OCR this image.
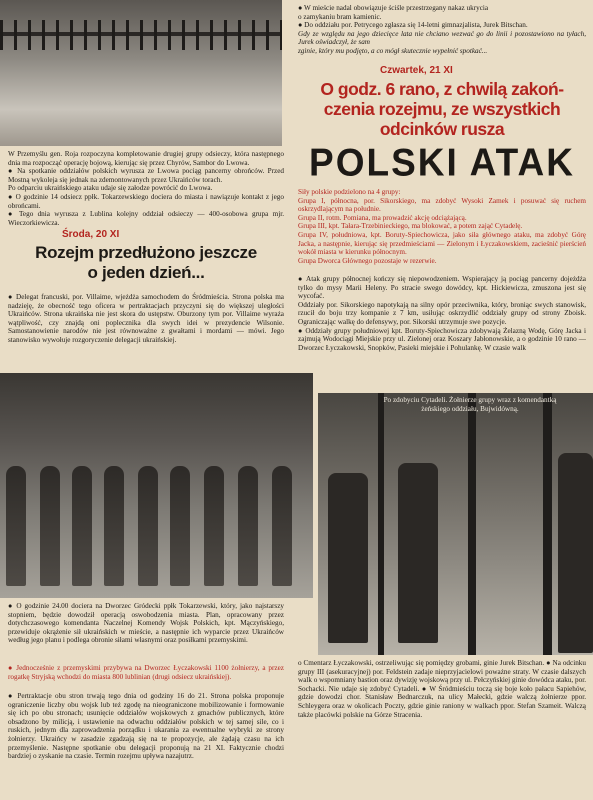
● W mieście nadal obowiązuje ściśle przestrzegany nakaz ukrycia

o zamykaniu bram kamienic.

● Do oddziału por. Petrycego zgłasza się 14-letni gimnazjalista, Jurek Bitschan.

Gdy ze względu na jego dziecięce lata nie chciano wezwać go do linii i pozostawiono na tyłach, Jurek oświadczył, że sam

zginie, który mu podjęto, a co mógł skutecznie wypełnić spotkać...

Czwartek, 21 XI
O godz. 6 rano, z chwilą zakoń-
czenia rozejmu, ze wszystkich
odcinków rusza
POLSKI ATAK

Siły polskie podzielono na 4 grupy:

Grupa I, północna, por. Sikorskiego, ma zdobyć Wysoki Zamek i posuwać się ruchem oskrzydlającym na południe.

Grupa II, rotm. Pomiana, ma prowadzić akcję odciążającą.

Grupa III, kpt. Tałara-Trzebinieckiego, ma blokować, a potem zająć Cytadelę.

Grupa IV, południowa, kpt. Boruty-Spiechowicza, jako siła głównego ataku, ma zdobyć Górę Jacka, a następnie, kierując się przedmieściami — Zielonym i Łyczakowskiem, zacieśnić pierścień wokół miasta w kierunku północnym.

Grupa Dworca Głównego pozostaje w rezerwie.

● Atak grupy północnej kończy się niepowodzeniem. Wspierający ją pociąg pancerny dojeżdża tylko do mysy Marii Heleny. Po stracie swego dowódcy, kpt. Hickiewicza, zmuszona jest się wycofać.

Oddziały por. Sikorskiego napotykają na silny opór przeciwnika, który, broniąc swych stanowisk, rzucił do boju trzy kompanie z 7 km, usiłując oskrzydlić oddziały grupy od strony Zboisk. Ograniczając walkę do defensywy, por. Sikorski utrzymuje swe pozycje.

● Oddziały grupy południowej kpt. Boruty-Spiechowicza zdobywają Żelazną Wodę, Górę Jacka i zajmują Wodociągi Miejskie przy ul. Zielonej oraz Koszary Jabłonowskie, a o godzinie 10 rano — Dworzec Łyczakowski, Snopków, Pasieki miejskie i Pohulankę. W czasie walk

W Przemyślu gen. Roja rozpoczyna kompletowanie drugiej grupy odsieczy, która następnego dnia ma rozpocząć operację bojową, kierując się przez Chyrów, Sambor do Lwowa.

● Na spotkanie oddziałów polskich wyrusza ze Lwowa pociąg pancerny obrońców. Przed Mostną wykoleja się jednak na zdemontowanych przez Ukraińców torach.

Po odparciu ukraińskiego ataku udaje się załodze powrócić do Lwowa.

● O godzinie 14 odsiecz ppłk. Tokarzewskiego dociera do miasta i nawiązuje kontakt z jego obrońcami.

● Tego dnia wyrusza z Lublina kolejny oddział odsieczy — 400-osobowa grupa mjr. Wieczorkiewicza.

Środa, 20 XI
Rozejm przedłużono jeszcze
o jeden dzień...

● Delegat francuski, por. Villaime, wjeżdża samochodem do Śródmieścia. Strona polska ma nadzieję, że obecność tego oficera w pertraktacjach przyczyni się do większej uległości Ukraińców. Strona ukraińska nie jest skora do ustępstw. Oburzony tym por. Villaime wyraża wątpliwość, czy znajdą oni poplecznika dla swych idei w prezydencie Wilsonie. Samostanowienie narodów nie jest równoważne z gwałtami i mordami — mówi. Jego stanowisko wywołuje rozgoryczenie delegacji ukraińskiej.

● O godzinie 24.00 dociera na Dworzec Gródecki ppłk Tokarzewski, który, jako najstarszy stopniem, będzie dowodził operacją oswobodzenia miasta. Plan, opracowany przez dotychczasowego komendanta Naczelnej Komendy Wojsk Polskich, kpt. Mączyńskiego, przewiduje okrążenie sił ukraińskich w mieście, a następnie ich wyparcie przez Ukraińców według jego planu i podlega obronie siłami własnymi oraz posiłkami przemyskimi.

● Jednocześnie z przemyskimi przybywa na Dworzec Łyczakowski 1100 żołnierzy, a przez rogatkę Stryjską wchodzi do miasta 800 lublinian (drugi odsiecz ukraińskiej).

● Pertraktacje obu stron trwają tego dnia od godziny 16 do 21. Strona polska proponuje ograniczenie liczby obu wojsk lub też zgodę na nieograniczone mobilizowanie i formowanie się ich po obu stronach; usunięcie oddziałów wojskowych z gmachów publicznych, które obsadzono by milicją, i ustawienie na odwachu oddziałów polskich w tej samej sile, co i ruskich, jednym dla zaprowadzenia porządku i ukarania za ewentualne wybryki ze strony żołnierzy. Ukraińcy w zasadzie zgadzają się na te propozycje, ale żądają czasu na ich przemyślenie. Następne spotkanie obu delegacji proponują na 21 XI. Faktycznie chodzi bardziej o zyskanie na czasie. Termin rozejmu upływa nazajutrz.

Po zdobyciu Cytadeli. Żołnierze grupy wraz z komendantką żeńskiego oddziału, Bujwidówną.

o Cmentarz Łyczakowski, ostrzeliwując się pomiędzy grobami, ginie Jurek Bitschan. ● Na odcinku grupy III (asekuracyjnej) por. Feldstein zadaje nieprzyjacielowi poważne straty. W czasie dalszych walk o wspomniany bastion oraz dywizję wojskową przy ul. Pełczyńskiej ginie dowódca ataku, por. Sochacki. Nie udaje się zdobyć Cytadeli. ● W Śródmieściu toczą się boje koło pałacu Sapiehów, gdzie dowodzi chor. Stanisław Bednarczuk, na ulicy Małecki, gdzie walczą żołnierze ppor. Schleygera oraz w okolicach Poczty, gdzie ginie raniony w walkach ppor. Stefan Szameit. Walczą także placówki polskie na Górze Stracenia.
